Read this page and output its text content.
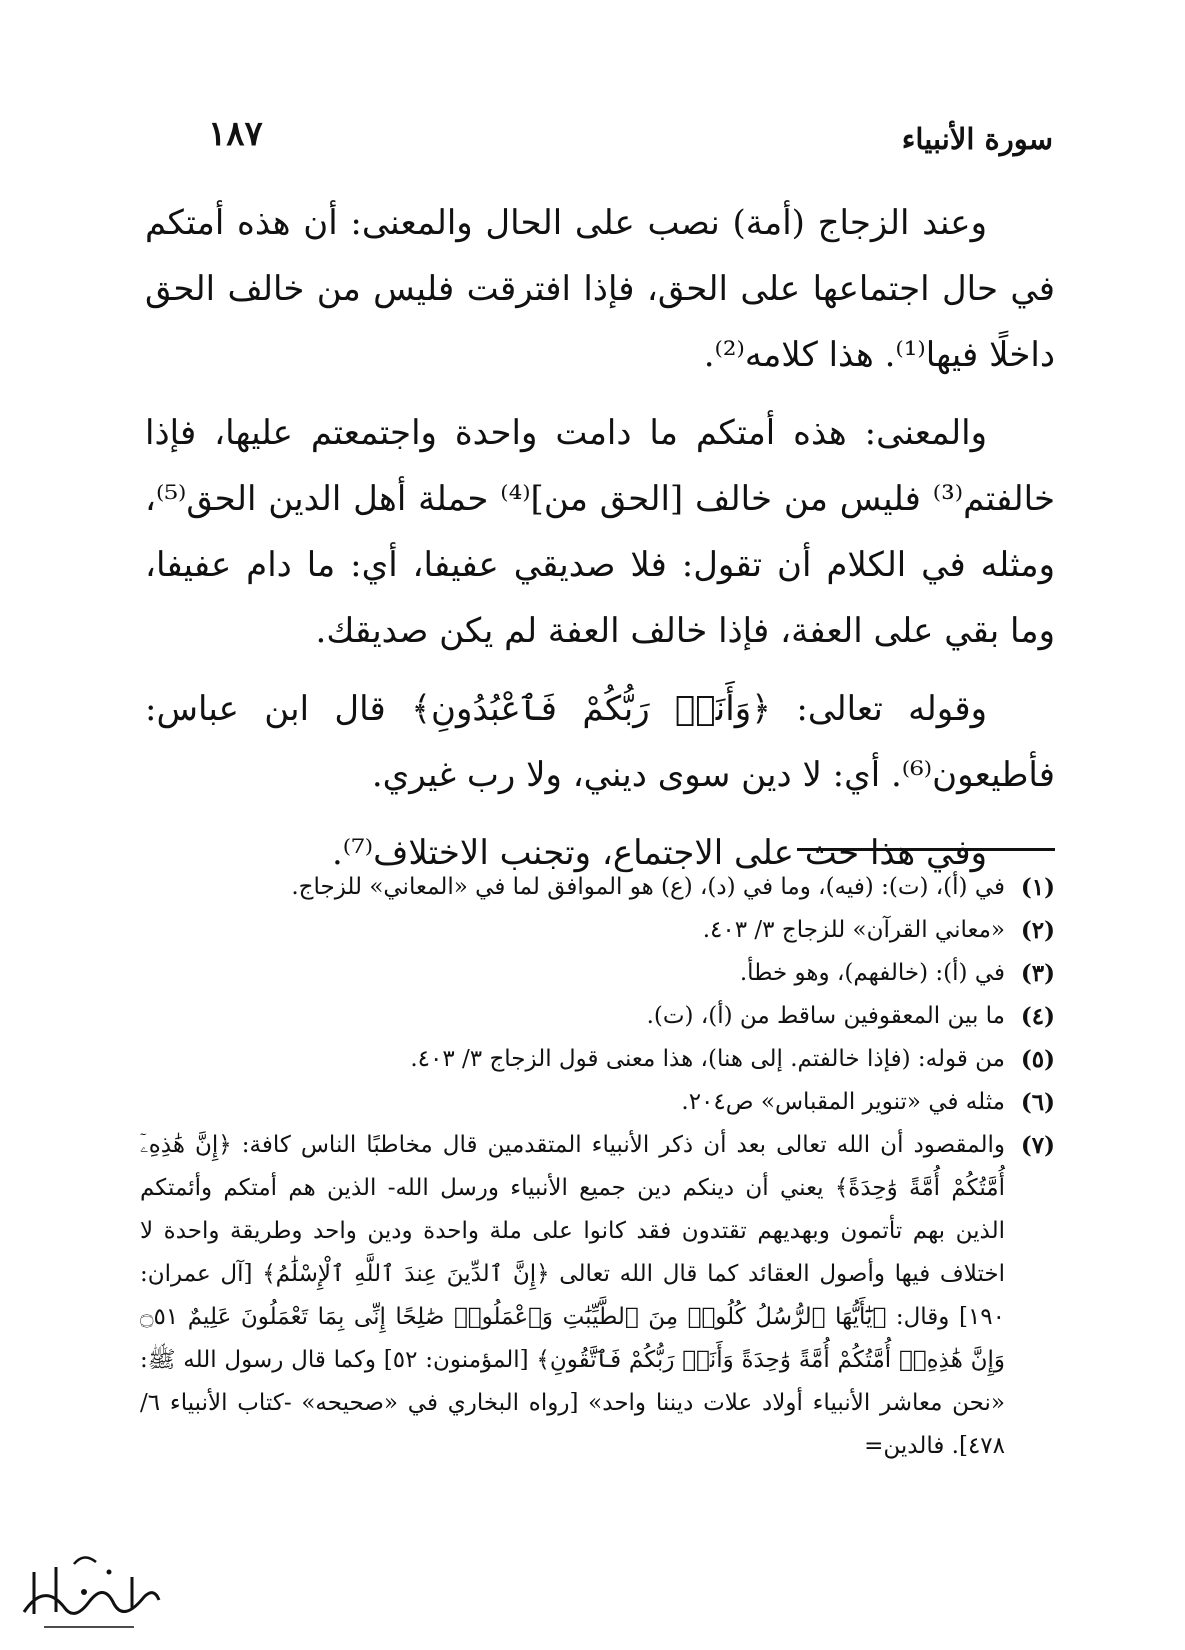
سورة الأنبياء
١٨٧

وعند الزجاج (أمة) نصب على الحال والمعنى: أن هذه أمتكم في حال اجتماعها على الحق، فإذا افترقت فليس من خالف الحق داخلًا فيها⁽¹⁾. هذا كلامه⁽²⁾.

والمعنى: هذه أمتكم ما دامت واحدة واجتمعتم عليها، فإذا خالفتم⁽³⁾ فليس من خالف [الحق من]⁽⁴⁾ حملة أهل الدين الحق⁽⁵⁾، ومثله في الكلام أن تقول: فلا صديقي عفيفا، أي: ما دام عفيفا، وما بقي على العفة، فإذا خالف العفة لم يكن صديقك.

وقوله تعالى: ﴿وَأَنَا۠ رَبُّكُمْ فَٱعْبُدُونِ﴾ قال ابن عباس: فأطيعون⁽⁶⁾. أي: لا دين سوى ديني، ولا رب غيري.

وفي هذا حث على الاجتماع، وتجنب الاختلاف⁽⁷⁾.

(١)
في (أ)، (ت): (فيه)، وما في (د)، (ع) هو الموافق لما في «المعاني» للزجاج.
(٢)
«معاني القرآن» للزجاج ٣/ ٤٠٣.
(٣)
في (أ): (خالفهم)، وهو خطأ.
(٤)
ما بين المعقوفين ساقط من (أ)، (ت).
(٥)
من قوله: (فإذا خالفتم. إلى هنا)، هذا معنى قول الزجاج ٣/ ٤٠٣.
(٦)
مثله في «تنوير المقباس» ص٢٠٤.
(٧)
والمقصود أن الله تعالى بعد أن ذكر الأنبياء المتقدمين قال مخاطبًا الناس كافة: ﴿إِنَّ هَٰذِهِۦٓ أُمَّتُكُمْ أُمَّةً وَٰحِدَةً﴾ يعني أن دينكم دين جميع الأنبياء ورسل الله- الذين هم أمتكم وأئمتكم الذين بهم تأتمون وبهديهم تقتدون فقد كانوا على ملة واحدة ودين واحد وطريقة واحدة لا اختلاف فيها وأصول العقائد كما قال الله تعالى ﴿إِنَّ ٱلدِّينَ عِندَ ٱللَّهِ ٱلْإِسْلَٰمُ﴾ [آل عمران: ١٩٠] وقال: ﴿يَٰٓأَيُّهَا ٱلرُّسُلُ كُلُوا۟ مِنَ ٱلطَّيِّبَٰتِ وَٱعْمَلُوا۟ صَٰلِحًا إِنِّى بِمَا تَعْمَلُونَ عَلِيمٌ ۝٥١ وَإِنَّ هَٰذِهِۦٓ أُمَّتُكُمْ أُمَّةً وَٰحِدَةً وَأَنَا۠ رَبُّكُمْ فَٱتَّقُونِ﴾ [المؤمنون: ٥٢] وكما قال رسول الله ﷺ: «نحن معاشر الأنبياء أولاد علات ديننا واحد» [رواه البخاري في «صحيحه» -كتاب الأنبياء ٦/ ٤٧٨]. فالدين=
